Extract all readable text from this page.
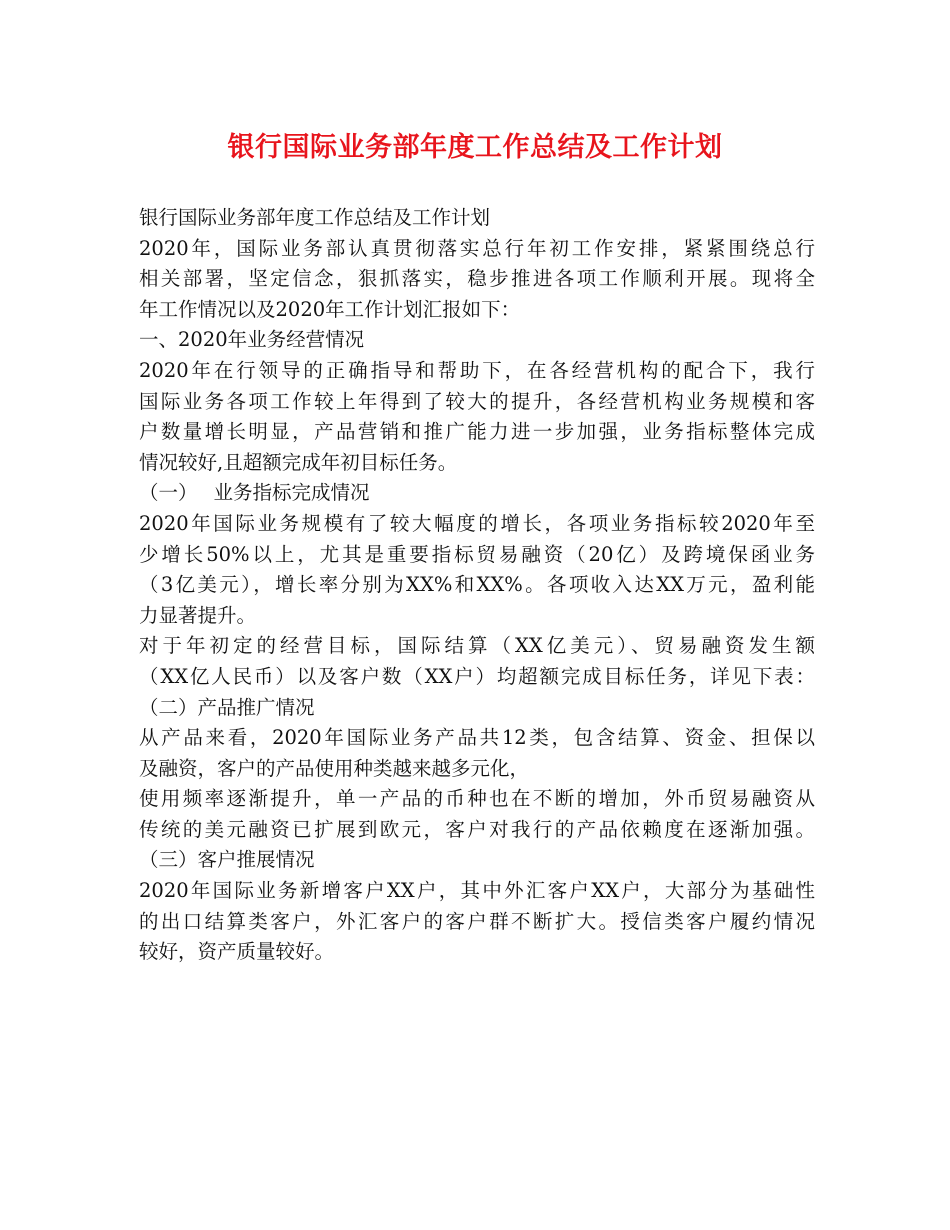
银行国际业务部年度工作总结及工作计划
银行国际业务部年度工作总结及工作计划
2020年，国际业务部认真贯彻落实总行年初工作安排，紧紧围绕总行
相关部署，坚定信念，狠抓落实，稳步推进各项工作顺利开展。现将全
年工作情况以及2020年工作计划汇报如下：
一、2020年业务经营情况
2020年在行领导的正确指导和帮助下，在各经营机构的配合下，我行
国际业务各项工作较上年得到了较大的提升，各经营机构业务规模和客
户数量增长明显，产品营销和推广能力进一步加强，业务指标整体完成
情况较好,且超额完成年初目标任务。
（一）　 业务指标完成情况
2020年国际业务规模有了较大幅度的增长，各项业务指标较2020年至
少增长50%以上，尤其是重要指标贸易融资（20亿）及跨境保函业务
（3亿美元），增长率分别为XX%和XX%。各项收入达XX万元，盈利能
力显著提升。
对于年初定的经营目标，国际结算（XX亿美元）、贸易融资发生额
（XX亿人民币）以及客户数（XX户）均超额完成目标任务，详见下表：
（二）产品推广情况
从产品来看，2020年国际业务产品共12类，包含结算、资金、担保以
及融资，客户的产品使用种类越来越多元化，
使用频率逐渐提升，单一产品的币种也在不断的增加，外币贸易融资从
传统的美元融资已扩展到欧元，客户对我行的产品依赖度在逐渐加强。
（三）客户推展情况
2020年国际业务新增客户XX户，其中外汇客户XX户，大部分为基础性
的出口结算类客户，外汇客户的客户群不断扩大。授信类客户履约情况
较好，资产质量较好。
